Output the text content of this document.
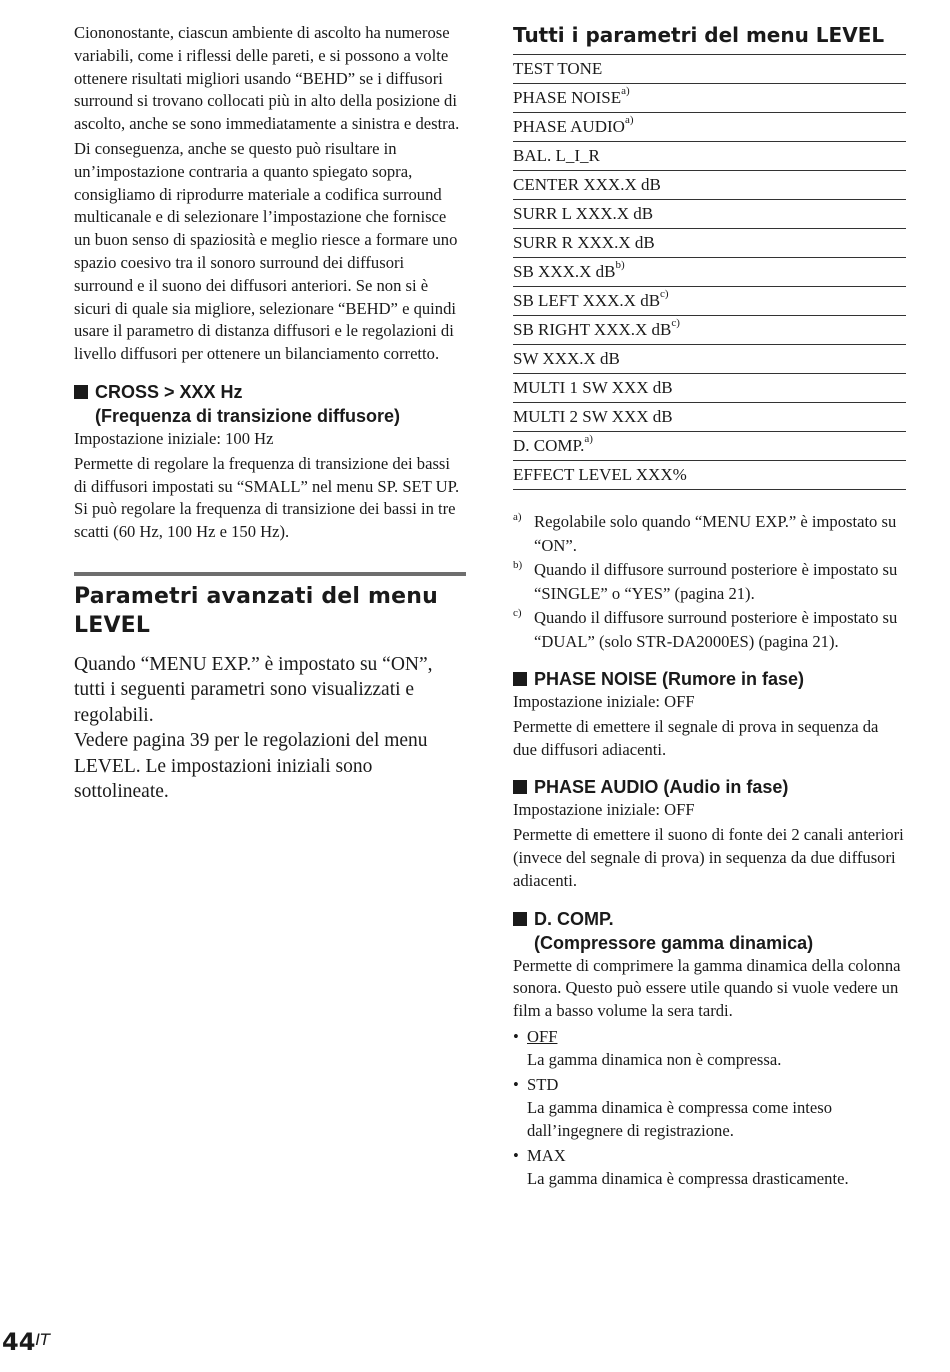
Ciononostante, ciascun ambiente di ascolto ha numerose variabili, come i riflessi delle pareti, e si possono a volte ottenere risultati migliori usando “BEHD” se i diffusori surround si trovano collocati più in alto della posizione di ascolto, anche se sono immediatamente a sinistra e destra.

Di conseguenza, anche se questo può risultare in un’impostazione contraria a quanto spiegato sopra, consigliamo di riprodurre materiale a codifica surround multicanale e di selezionare l’impostazione che fornisce un buon senso di spaziosità e meglio riesce a formare uno spazio coesivo tra il sonoro surround dei diffusori surround e il suono dei diffusori anteriori. Se non si è sicuri di quale sia migliore, selezionare “BEHD” e quindi usare il parametro di distanza diffusori e le regolazioni di livello diffusori per ottenere un bilanciamento corretto.

CROSS > XXX Hz
(Frequenza di transizione diffusore)

Impostazione iniziale: 100 Hz

Permette di regolare la frequenza di transizione dei bassi di diffusori impostati su “SMALL” nel menu SP. SET UP. Si può regolare la frequenza di transizione dei bassi in tre scatti (60 Hz, 100 Hz e 150 Hz).

Parametri avanzati del menu
LEVEL

Quando “MENU EXP.” è impostato su “ON”, tutti i seguenti parametri sono visualizzati e regolabili.

Vedere pagina 39 per le regolazioni del menu LEVEL. Le impostazioni iniziali sono sottolineate.

Tutti i parametri del menu LEVEL
TEST TONE
PHASE NOISE$^{a)}$
PHASE AUDIO$^{a)}$
BAL. L_I_R
CENTER XXX.X dB
SURR L XXX.X dB
SURR R XXX.X dB
SB XXX.X $dB^{b)}$
SB LEFT XXX.X $dB^{c)}$
SB RIGHT XXX.X $dB^{c)}$
SW XXX.X dB
MULTI 1 SW XXX dB
MULTI 2 SW XXX dB
D. COMP.$^{a)}$
EFFECT LEVEL XXX%
a) Regolabile solo quando “MENU EXP.” è impostato su “ON”.
b) Quando il diffusore surround posteriore è impostato su “SINGLE” o “YES” (pagina 21).
c) Quando il diffusore surround posteriore è impostato su “DUAL” (solo STR-DA2000ES) (pagina 21).
PHASE NOISE (Rumore in fase)

Impostazione iniziale: OFF

Permette di emettere il segnale di prova in sequenza da due diffusori adiacenti.

PHASE AUDIO (Audio in fase)

Impostazione iniziale: OFF

Permette di emettere il suono di fonte dei 2 canali anteriori (invece del segnale di prova) in sequenza da due diffusori adiacenti.

D. COMP.
(Compressore gamma dinamica)

Permette di comprimere la gamma dinamica della colonna sonora. Questo può essere utile quando si vuole vedere un film a basso volume la sera tardi.

• OFF
La gamma dinamica non è compressa.
• STD
La gamma dinamica è compressa come inteso dall’ingegnere di registrazione.
• MAX
La gamma dinamica è compressa drasticamente.
$44^{IT}$
